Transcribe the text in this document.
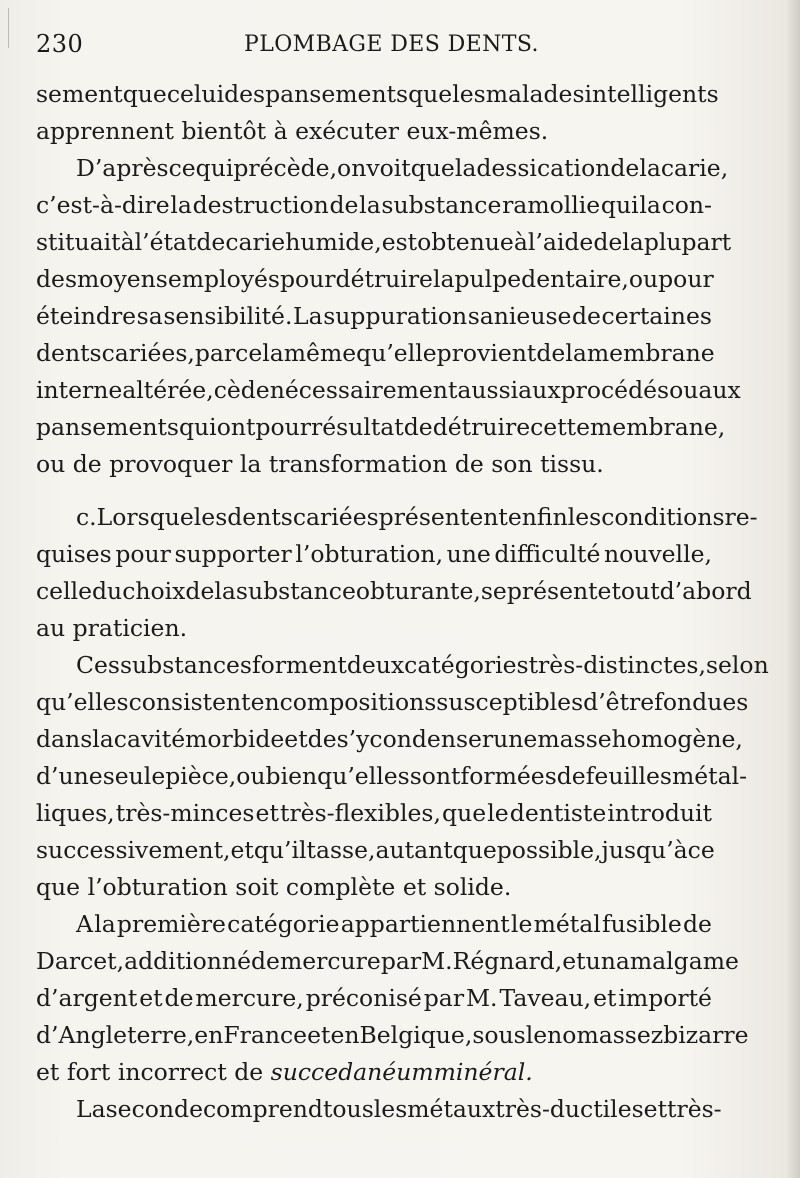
230	PLOMBAGE DES DENTS.
sement que celui des pansements que les malades intelligents
apprennent bientôt à exécuter eux-mêmes.
D’après ce qui précède, on voit que la dessication de la carie,
c’est-à-dire la destruction de la substance ramollie qui la con-
stituait à l’état de carie humide, est obtenue à l’aide de la plupart
des moyens employés pour détruire la pulpe dentaire, ou pour
éteindre sa sensibilité. La suppuration sanieuse de certaines
dents cariées, par cela même qu’elle provient de la membrane
interne altérée, cède nécessairement aussi aux procédés ou aux
pansements qui ont pour résultat de détruire cette membrane,
ou de provoquer la transformation de son tissu.
c. Lorsque les dents cariées présentent enfin les conditions re-
quises pour supporter l’obturation, une difficulté nouvelle,
celle du choix de la substance obturante, se présente tout d’abord
au praticien.
Ces substances forment deux catégories très-distinctes, selon
qu’elles consistent en compositions susceptibles d’être fondues
dans la cavité morbide et de s’y condenser une masse homogène,
d’une seule pièce, ou bien qu’elles sont formées de feuilles métal-
liques, très-minces et très-flexibles, que le dentiste introduit
successivement, et qu’il tasse, autant que possible, jusqu’à ce
que l’obturation soit complète et solide.
A la première catégorie appartiennent le métal fusible de
Darcet, additionné de mercure par M. Régnard, et un amalgame
d’argent et de mercure, préconisé par M. Taveau, et importé
d’Angleterre, en France et en Belgique, sous le nom assez bizarre
et fort incorrect de succedanéum minéral.
La seconde comprend tous les métaux très-ductiles et très-
